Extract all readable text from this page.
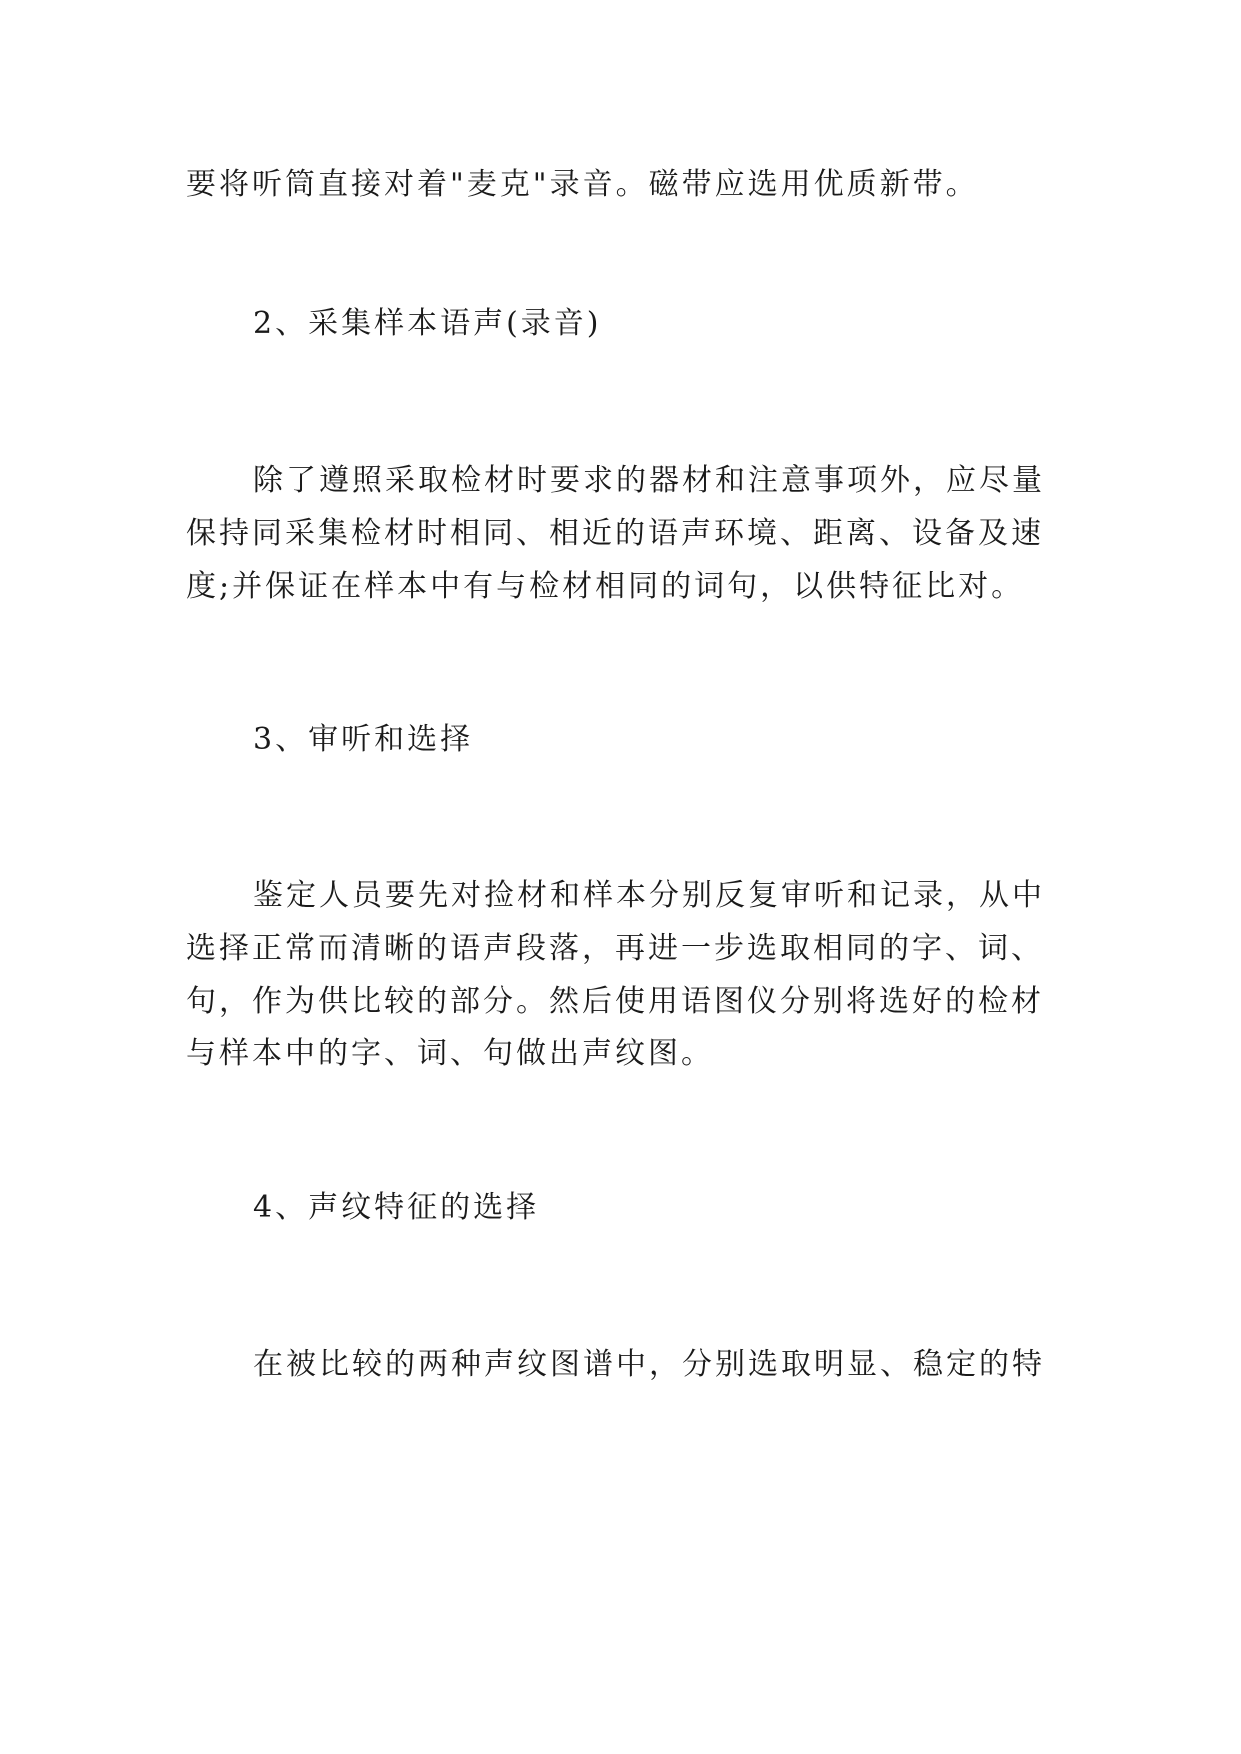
要将听筒直接对着"麦克"录音。磁带应选用优质新带。
2、采集样本语声(录音)
除了遵照采取检材时要求的器材和注意事项外，应尽量
保持同采集检材时相同、相近的语声环境、距离、设备及速
度;并保证在样本中有与检材相同的词句，以供特征比对。
3、审听和选择
鉴定人员要先对捡材和样本分别反复审听和记录，从中
选择正常而清晰的语声段落，再进一步选取相同的字、词、
句，作为供比较的部分。然后使用语图仪分别将选好的检材
与样本中的字、词、句做出声纹图。
4、声纹特征的选择
在被比较的两种声纹图谱中，分别选取明显、稳定的特
